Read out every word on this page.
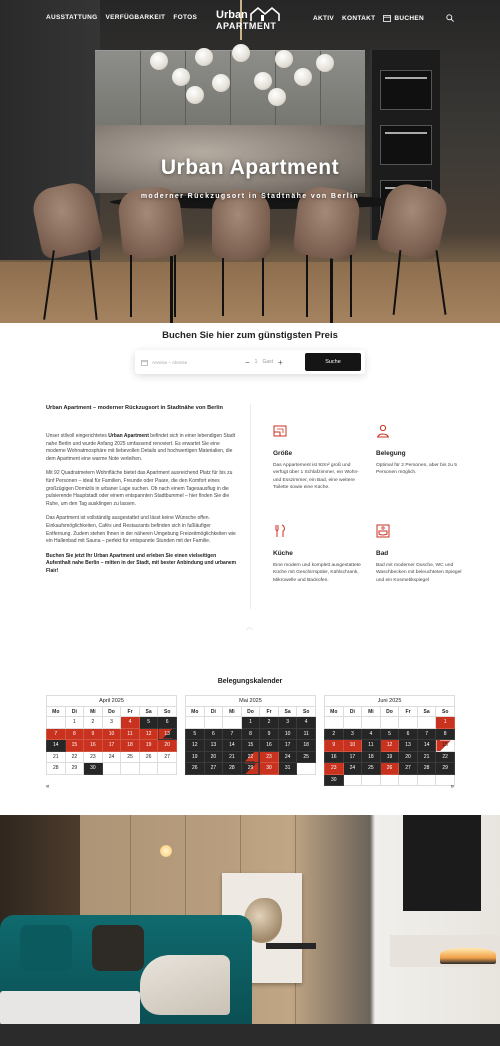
Urban Apartment
moderner Rückzugsort in Stadtnähe von Berlin
AUSSTATTUNG VERFÜGBARKEIT FOTOS Urban
APARTMENT
AKTIV KONTAKT	BUCHEN
Buchen Sie hier zum günstigsten Preis
Anreise – Abreise	− 1 Gast +	Suche
Urban Apartment – moderner Rückzugsort in Stadtnähe von Berlin

Unser stilvoll eingerichtetes Urban Apartment befindet sich in einer lebendigen Stadt nahe Berlin und wurde Anfang 2025 umfassend renoviert. Es erwartet Sie eine moderne Wohnatmosphäre mit liebevollen Details und hochwertigen Materialien, die dem Apartment eine warme Note verleihen.

Mit 92 Quadratmetern Wohnfläche bietet das Apartment ausreichend Platz für bis zu fünf Personen – ideal für Familien, Freunde oder Paare, die den Komfort eines großzügigen Domizils in urbaner Lage suchen. Ob nach einem Tagesausflug in die pulsierende Hauptstadt oder einem entspannten Stadtbummel – hier finden Sie die Ruhe, um den Tag ausklingen zu lassen.

Das Apartment ist vollständig ausgestattet und lässt keine Wünsche offen. Einkaufsmöglichkeiten, Cafés und Restaurants befinden sich in fußläufiger Entfernung. Zudem stehen Ihnen in der näheren Umgebung Freizeitmöglichkeiten wie ein Hallenbad mit Sauna – perfekt für entspannte Stunden mit der Familie.

Buchen Sie jetzt Ihr Urban Apartment und erleben Sie einen vielseitigen Aufenthalt nahe Berlin – mitten in der Stadt, mit bester Anbindung und urbanem Flair!

Größe

Das Appartement ist 92m² groß und verfügt über 1 Schlafzimmer, ein Wohn- und Esszimmer, ein Bad, eine weitere Toilette sowie eine Küche.

Belegung

Optimal für 2 Personen, aber bis zu 5 Personen möglich.

Küche

Eine modern und komplett ausgestattete Küche mit Geschirrspüler, Kühlschrank, Mikrowelle und Backofen.

Bad

Bad mit moderner Dusche, WC und Waschbecken mit beleuchteten Spiegel und ein Kosmetikspiegel

︿
Belegungskalender
April 2025
Mo	Di	Mi	Do	Fr	Sa	So
	1	2	3	4	5	6
7	8	9	10	11	12	13
14	15	16	17	18	19	20
21	22	23	24	25	26	27
28	29	30				
Mai 2025
Mo	Di	Mi	Do	Fr	Sa	So
			1	2	3	4
5	6	7	8	9	10	11
12	13	14	15	16	17	18
19	20	21	22	23	24	25
26	27	28	29	30	31	
Juni 2025
Mo	Di	Mi	Do	Fr	Sa	So
						1
2	3	4	5	6	7	8
9	10	11	12	13	14	15
16	17	18	19	20	21	22
23	24	25	26	27	28	29
30						
«	»
